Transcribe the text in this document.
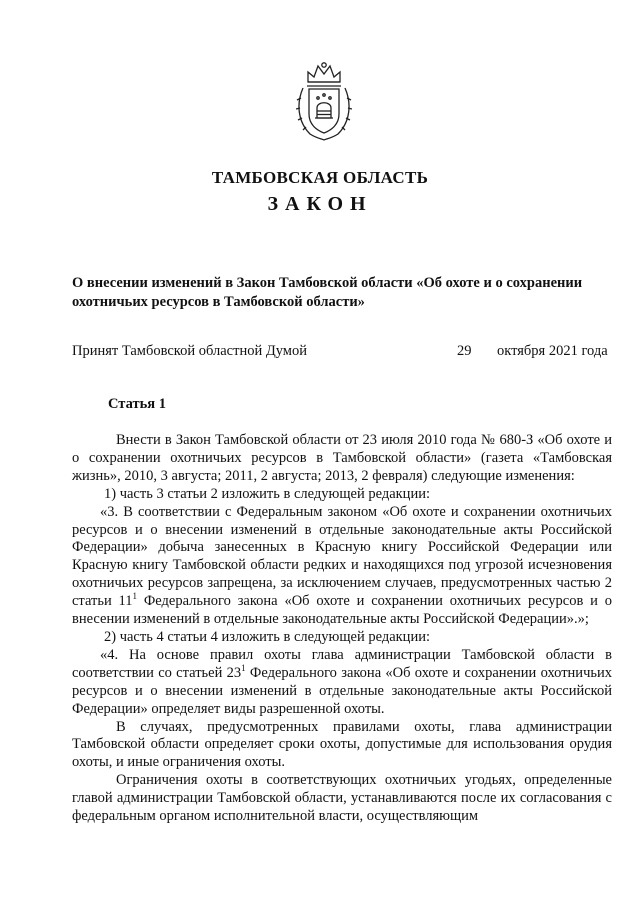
ТАМБОВСКАЯ ОБЛАСТЬ
ЗАКОН
О внесении изменений в Закон Тамбовской области «Об охоте и о сохранении охотничьих ресурсов в Тамбовской области»
Принят Тамбовской областной Думой	29 октября 2021 года
Статья 1

Внести в Закон Тамбовской области от 23 июля 2010 года № 680-З «Об охоте и о сохранении охотничьих ресурсов в Тамбовской области» (газета «Тамбовская жизнь», 2010, 3 августа; 2011, 2 августа; 2013, 2 февраля) следующие изменения:

1) часть 3 статьи 2 изложить в следующей редакции:

«3. В соответствии с Федеральным законом «Об охоте и сохранении охотничьих ресурсов и о внесении изменений в отдельные законодательные акты Российской Федерации» добыча занесенных в Красную книгу Российской Федерации или Красную книгу Тамбовской области редких и находящихся под угрозой исчезновения охотничьих ресурсов запрещена, за исключением случаев, предусмотренных частью 2 статьи $11^1$ Федерального закона «Об охоте и сохранении охотничьих ресурсов и о внесении изменений в отдельные законодательные акты Российской Федерации».»;

2) часть 4 статьи 4 изложить в следующей редакции:

«4. На основе правил охоты глава администрации Тамбовской области в соответствии со статьей $23^1$ Федерального закона «Об охоте и сохранении охотничьих ресурсов и о внесении изменений в отдельные законодательные акты Российской Федерации» определяет виды разрешенной охоты.

В случаях, предусмотренных правилами охоты, глава администрации Тамбовской области определяет сроки охоты, допустимые для использования орудия охоты, и иные ограничения охоты.

Ограничения охоты в соответствующих охотничьих угодьях, определенные главой администрации Тамбовской области, устанавливаются после их согласования с федеральным органом исполнительной власти, осуществляющим
